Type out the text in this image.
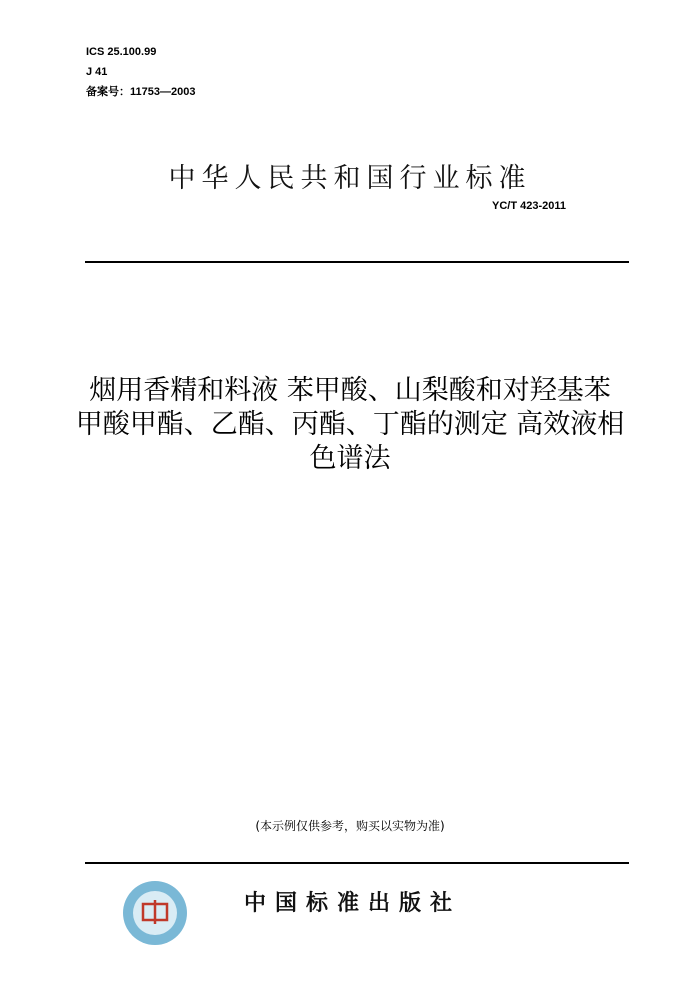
ICS 25.100.99
J 41
备案号：11753—2003
中华人民共和国行业标准
YC/T 423-2011
烟用香精和料液 苯甲酸、山梨酸和对羟基苯
甲酸甲酯、乙酯、丙酯、丁酯的测定 高效液相
色谱法
(本示例仅供参考，购买以实物为准)
中国标准出版社
